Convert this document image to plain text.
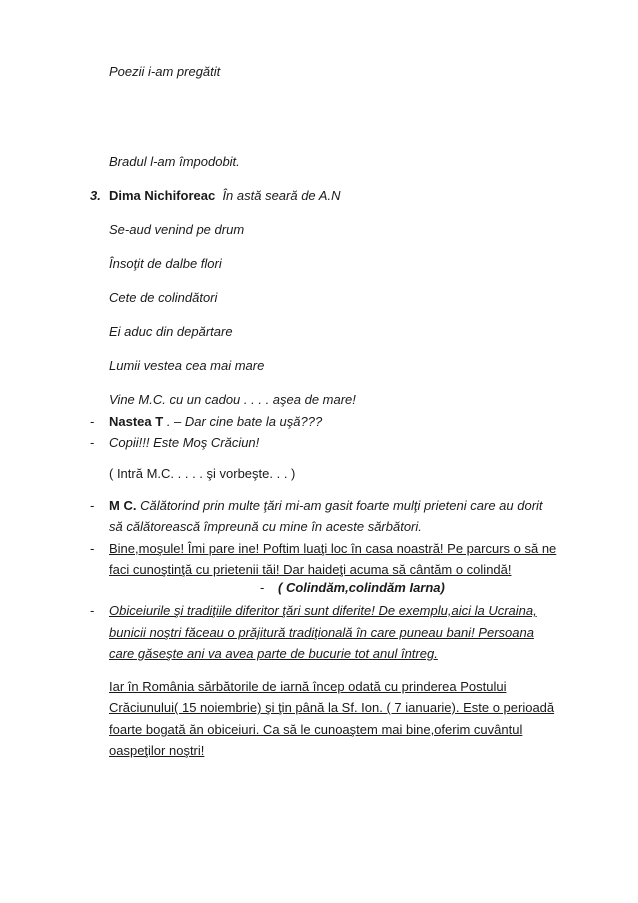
Poezii i-am pregătit
Bradul l-am împodobit.
3. Dima Nichiforeac În astă seară de A.N
Se-aud venind pe drum
Însoţit de dalbe flori
Cete de colindători
Ei aduc din depărtare
Lumii vestea cea mai mare
Vine M.C. cu un cadou . . . . aşea de mare!
- Nastea T . – Dar cine bate la uşă???
- Copii!!! Este Moş Crăciun!
( Intră M.C. . . . . şi vorbeşte. . . )
- M C. Călătorind prin multe ţări mi-am gasit foarte mulţi prieteni care au dorit
să călătorească împreună cu mine în aceste sărbători.
- Bine,moşule! Îmi pare ine! Poftim luaţi loc în casa noastră! Pe parcurs o să ne
faci cunoştinţă cu prietenii tăi! Dar haideţi acuma să cântăm o colindă!
- ( Colindăm,colindăm Iarna)
- Obiceiurile şi tradiţiile diferitor ţări sunt diferite! De exemplu,aici la Ucraina,
bunicii noştri făceau o prăjitură tradiţională în care puneau bani! Persoana
care găseşte ani va avea parte de bucurie tot anul întreg.
Iar în România sărbătorile de iarnă încep odată cu prinderea Postului
Crăciunului( 15 noiembrie) şi ţin până la Sf. Ion. ( 7 ianuarie). Este o perioadă
foarte bogată ăn obiceiuri. Ca să le cunoaştem mai bine,oferim cuvântul
oaspeţilor noştri!
